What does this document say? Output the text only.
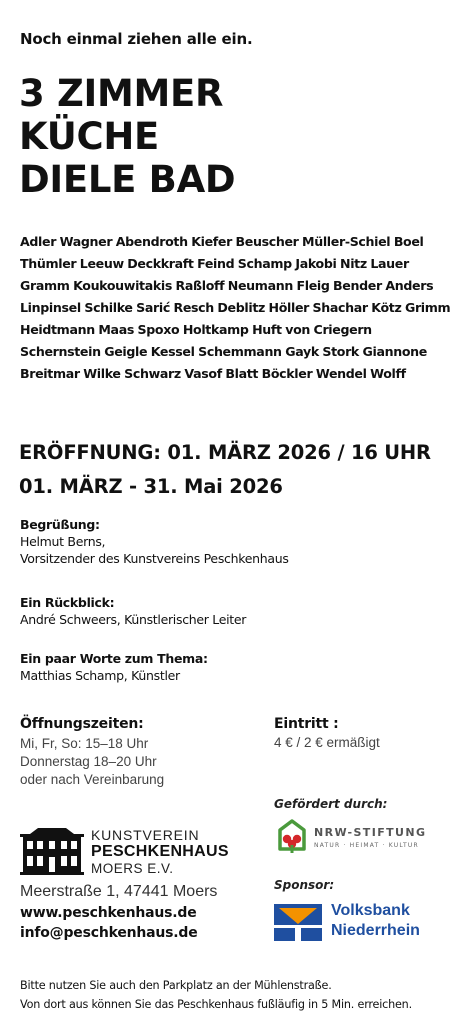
Noch einmal ziehen alle ein.
3 ZIMMER
KÜCHE
DIELE BAD
Adler Wagner Abendroth Kiefer Beuscher Müller-Schiel Boel Thümler Leeuw Deckkraft Feind Schamp Jakobi Nitz Lauer Gramm Koukouwitakis Raßloff Neumann Fleig Bender Anders Linpinsel Schilke Sarić Resch Deblitz Höller Shachar Kötz Grimm Heidtmann Maas Spoxo Holtkamp Huft von Criegern Schernstein Geigle Kessel Schemmann Gayk Stork Giannone Breitmar Wilke Schwarz Vasof Blatt Böckler Wendel Wolff
ERÖFFNUNG: 01. MÄRZ 2026 / 16 UHR
01. MÄRZ - 31. Mai 2026
Begrüßung:
Helmut Berns,
Vorsitzender des Kunstvereins Peschkenhaus
Ein Rückblick:
André Schweers, Künstlerischer Leiter
Ein paar Worte zum Thema:
Matthias Schamp, Künstler
Öffnungszeiten:
Mi, Fr, So: 15–18 Uhr
Donnerstag 18–20 Uhr
oder nach Vereinbarung
Eintritt :
4 € / 2 € ermäßigt
Gefördert durch:
NRW-STIFTUNG
NATUR · HEIMAT · KULTUR
KUNSTVEREIN
PESCHKENHAUS
MOERS E.V.
Sponsor:
Volksbank
Niederrhein
Meerstraße 1, 47441 Moers
www.peschkenhaus.de
info@peschkenhaus.de
Bitte nutzen Sie auch den Parkplatz an der Mühlenstraße.
Von dort aus können Sie das Peschkenhaus fußläufig in 5 Min. erreichen.
